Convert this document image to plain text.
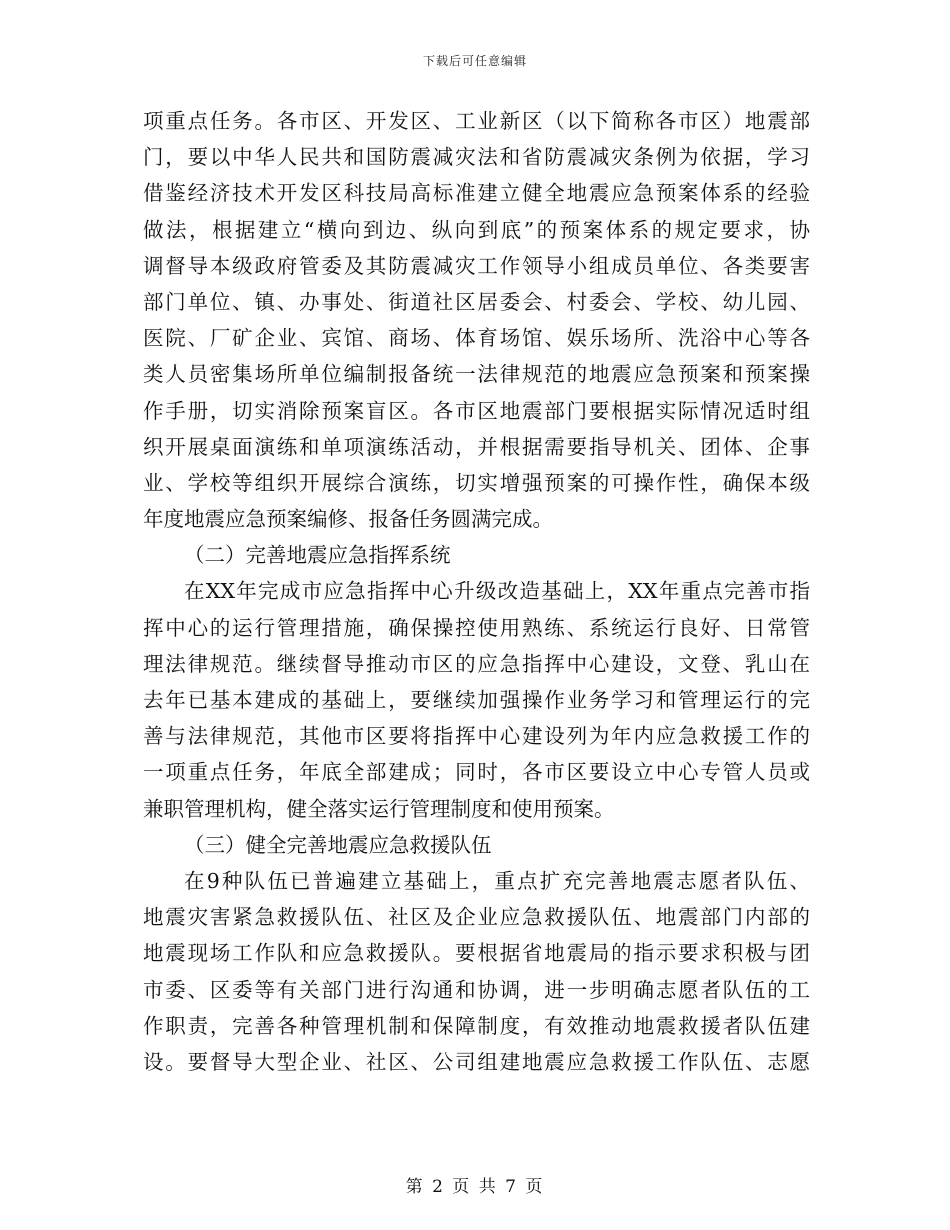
下载后可任意编辑
项重点任务。各市区、开发区、工业新区（以下简称各市区）地震部
门，要以中华人民共和国防震减灾法和省防震减灾条例为依据，学习
借鉴经济技术开发区科技局高标准建立健全地震应急预案体系的经验
做法，根据建立“横向到边、纵向到底”的预案体系的规定要求，协
调督导本级政府管委及其防震减灾工作领导小组成员单位、各类要害
部门单位、镇、办事处、街道社区居委会、村委会、学校、幼儿园、
医院、厂矿企业、宾馆、商场、体育场馆、娱乐场所、洗浴中心等各
类人员密集场所单位编制报备统一法律规范的地震应急预案和预案操
作手册，切实消除预案盲区。各市区地震部门要根据实际情况适时组
织开展桌面演练和单项演练活动，并根据需要指导机关、团体、企事
业、学校等组织开展综合演练，切实增强预案的可操作性，确保本级
年度地震应急预案编修、报备任务圆满完成。
（二）完善地震应急指挥系统
在XX年完成市应急指挥中心升级改造基础上，XX年重点完善市指
挥中心的运行管理措施，确保操控使用熟练、系统运行良好、日常管
理法律规范。继续督导推动市区的应急指挥中心建设，文登、乳山在
去年已基本建成的基础上，要继续加强操作业务学习和管理运行的完
善与法律规范，其他市区要将指挥中心建设列为年内应急救援工作的
一项重点任务，年底全部建成；同时，各市区要设立中心专管人员或
兼职管理机构，健全落实运行管理制度和使用预案。
（三）健全完善地震应急救援队伍
在9种队伍已普遍建立基础上，重点扩充完善地震志愿者队伍、
地震灾害紧急救援队伍、社区及企业应急救援队伍、地震部门内部的
地震现场工作队和应急救援队。要根据省地震局的指示要求积极与团
市委、区委等有关部门进行沟通和协调，进一步明确志愿者队伍的工
作职责，完善各种管理机制和保障制度，有效推动地震救援者队伍建
设。要督导大型企业、社区、公司组建地震应急救援工作队伍、志愿
第 2 页 共 7 页
